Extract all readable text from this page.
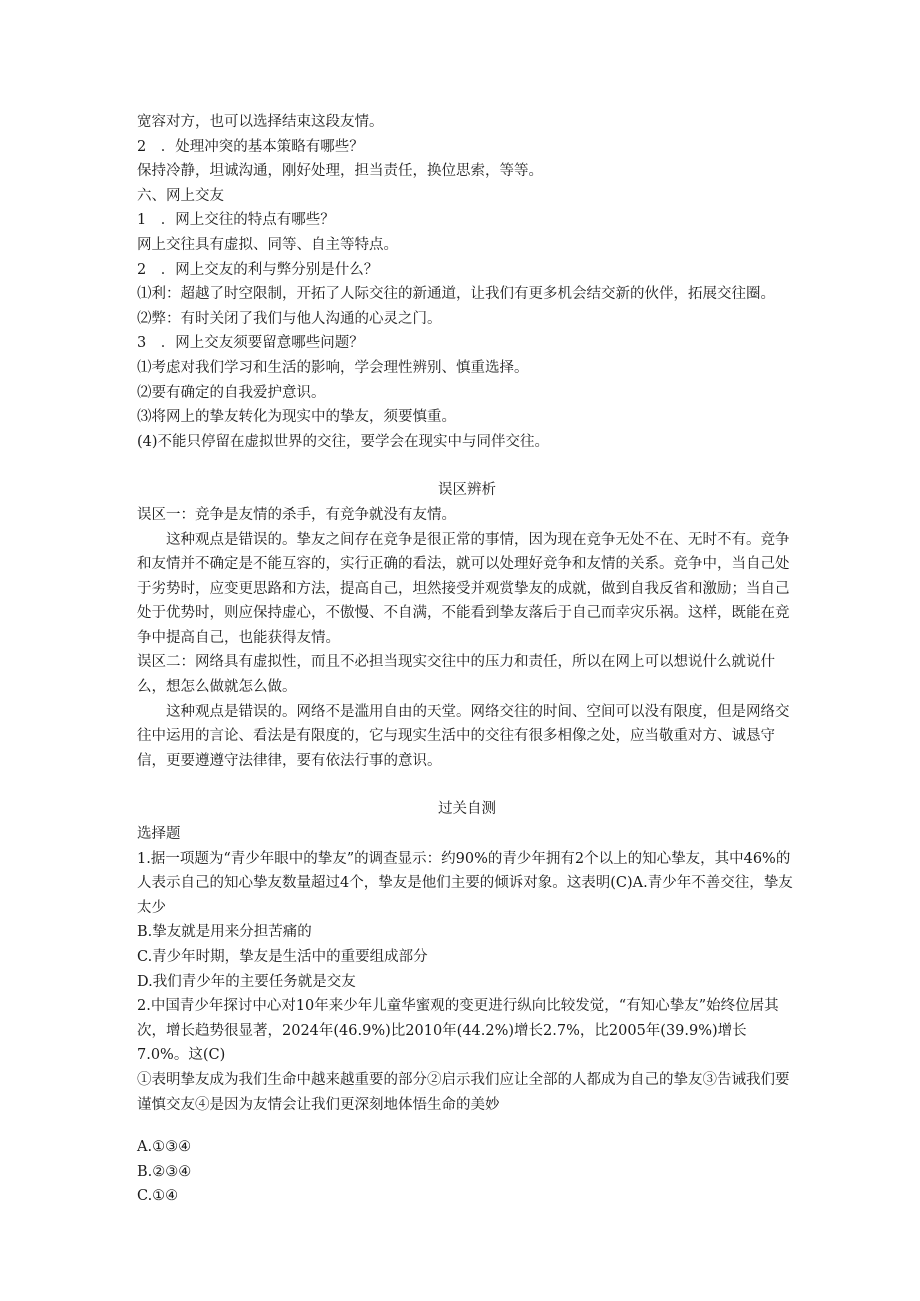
宽容对方，也可以选择结束这段友情。

2　．处理冲突的基本策略有哪些？

保持冷静，坦诚沟通，刚好处理，担当责任，换位思索，等等。

六、网上交友

1　．网上交往的特点有哪些？

网上交往具有虚拟、同等、自主等特点。

2　．网上交友的利与弊分别是什么？

⑴利：超越了时空限制，开拓了人际交往的新通道，让我们有更多机会结交新的伙伴，拓展交往圈。

⑵弊：有时关闭了我们与他人沟通的心灵之门。

3　．网上交友须要留意哪些问题？

⑴考虑对我们学习和生活的影响，学会理性辨别、慎重选择。

⑵要有确定的自我爱护意识。

⑶将网上的挚友转化为现实中的挚友，须要慎重。

(4)不能只停留在虚拟世界的交往，要学会在现实中与同伴交往。

误区辨析

误区一：竞争是友情的杀手，有竞争就没有友情。

这种观点是错误的。挚友之间存在竞争是很正常的事情，因为现在竞争无处不在、无时不有。竞争和友情并不确定是不能互容的，实行正确的看法，就可以处理好竞争和友情的关系。竞争中，当自己处于劣势时，应变更思路和方法，提高自己，坦然接受并观赏挚友的成就，做到自我反省和激励；当自己处于优势时，则应保持虚心，不傲慢、不自满，不能看到挚友落后于自己而幸灾乐祸。这样，既能在竞争中提高自己，也能获得友情。

误区二：网络具有虚拟性，而且不必担当现实交往中的压力和责任，所以在网上可以想说什么就说什么，想怎么做就怎么做。

这种观点是错误的。网络不是滥用自由的天堂。网络交往的时间、空间可以没有限度，但是网络交往中运用的言论、看法是有限度的，它与现实生活中的交往有很多相像之处，应当敬重对方、诚恳守信，更要遵遵守法律律，要有依法行事的意识。

过关自测

选择题

1.据一项题为“青少年眼中的挚友”的调查显示：约90%的青少年拥有2个以上的知心挚友，其中46%的人表示自己的知心挚友数量超过4个，挚友是他们主要的倾诉对象。这表明(C)A.青少年不善交往，挚友太少

B.挚友就是用来分担苦痛的

C.青少年时期，挚友是生活中的重要组成部分

D.我们青少年的主要任务就是交友

2.中国青少年探讨中心对10年来少年儿童华蜜观的变更进行纵向比较发觉，“有知心挚友”始终位居其次，增长趋势很显著，2024年(46.9%)比2010年(44.2%)增长2.7%，比2005年(39.9%)增长7.0%。这(C)

①表明挚友成为我们生命中越来越重要的部分②启示我们应让全部的人都成为自己的挚友③告诫我们要谨慎交友④是因为友情会让我们更深刻地体悟生命的美妙

A.①③④

B.②③④

C.①④
